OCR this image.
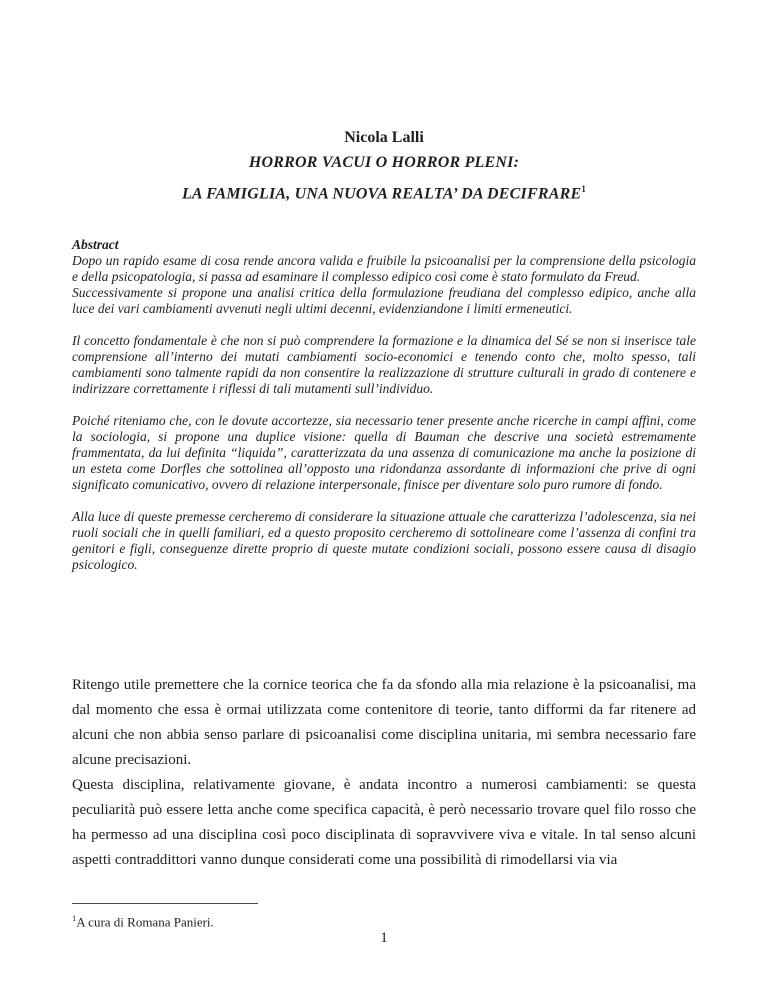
Nicola Lalli
HORROR VACUI O HORROR PLENI:
LA FAMIGLIA, UNA NUOVA REALTA’ DA DECIFRARE$^1$
Abstract

Dopo un rapido esame di cosa rende ancora valida e fruibile la psicoanalisi per la comprensione della psicologia e della psicopatologia, si passa ad esaminare il complesso edipico così come è stato formulato da Freud.

Successivamente si propone una analisi critica della formulazione freudiana del complesso edipico, anche alla luce dei vari cambiamenti avvenuti negli ultimi decenni, evidenziandone i limiti ermeneutici.

Il concetto fondamentale è che non si può comprendere la formazione e la dinamica del Sé se non si inserisce tale comprensione all’interno dei mutati cambiamenti socio-economici e tenendo conto che, molto spesso, tali cambiamenti sono talmente rapidi da non consentire la realizzazione di strutture culturali in grado di contenere e indirizzare correttamente i riflessi di tali mutamenti sull’individuo.

Poiché riteniamo che, con le dovute accortezze, sia necessario tener presente anche ricerche in campi affini, come la sociologia, si propone una duplice visione: quella di Bauman che descrive una società estremamente frammentata, da lui definita “liquida”, caratterizzata da una assenza di comunicazione ma anche la posizione di un esteta come Dorfles che sottolinea all’opposto una ridondanza assordante di informazioni che prive di ogni significato comunicativo, ovvero di relazione interpersonale, finisce per diventare solo puro rumore di fondo.

Alla luce di queste premesse cercheremo di considerare la situazione attuale che caratterizza l’adolescenza, sia nei ruoli sociali che in quelli familiari, ed a questo proposito cercheremo di sottolineare come l’assenza di confini tra genitori e figli, conseguenze dirette proprio di queste mutate condizioni sociali, possono essere causa di disagio psicologico.

Ritengo utile premettere che la cornice teorica che fa da sfondo alla mia relazione è la psicoanalisi, ma dal momento che essa è ormai utilizzata come contenitore di teorie, tanto difformi da far ritenere ad alcuni che non abbia senso parlare di psicoanalisi come disciplina unitaria, mi sembra necessario fare alcune precisazioni.

Questa disciplina, relativamente giovane, è andata incontro a numerosi cambiamenti: se questa peculiarità può essere letta anche come specifica capacità, è però necessario trovare quel filo rosso che ha permesso ad una disciplina così poco disciplinata di sopravvivere viva e vitale. In tal senso alcuni aspetti contraddittori vanno dunque considerati come una possibilità di rimodellarsi via via

$^1$A cura di Romana Panieri.
1
